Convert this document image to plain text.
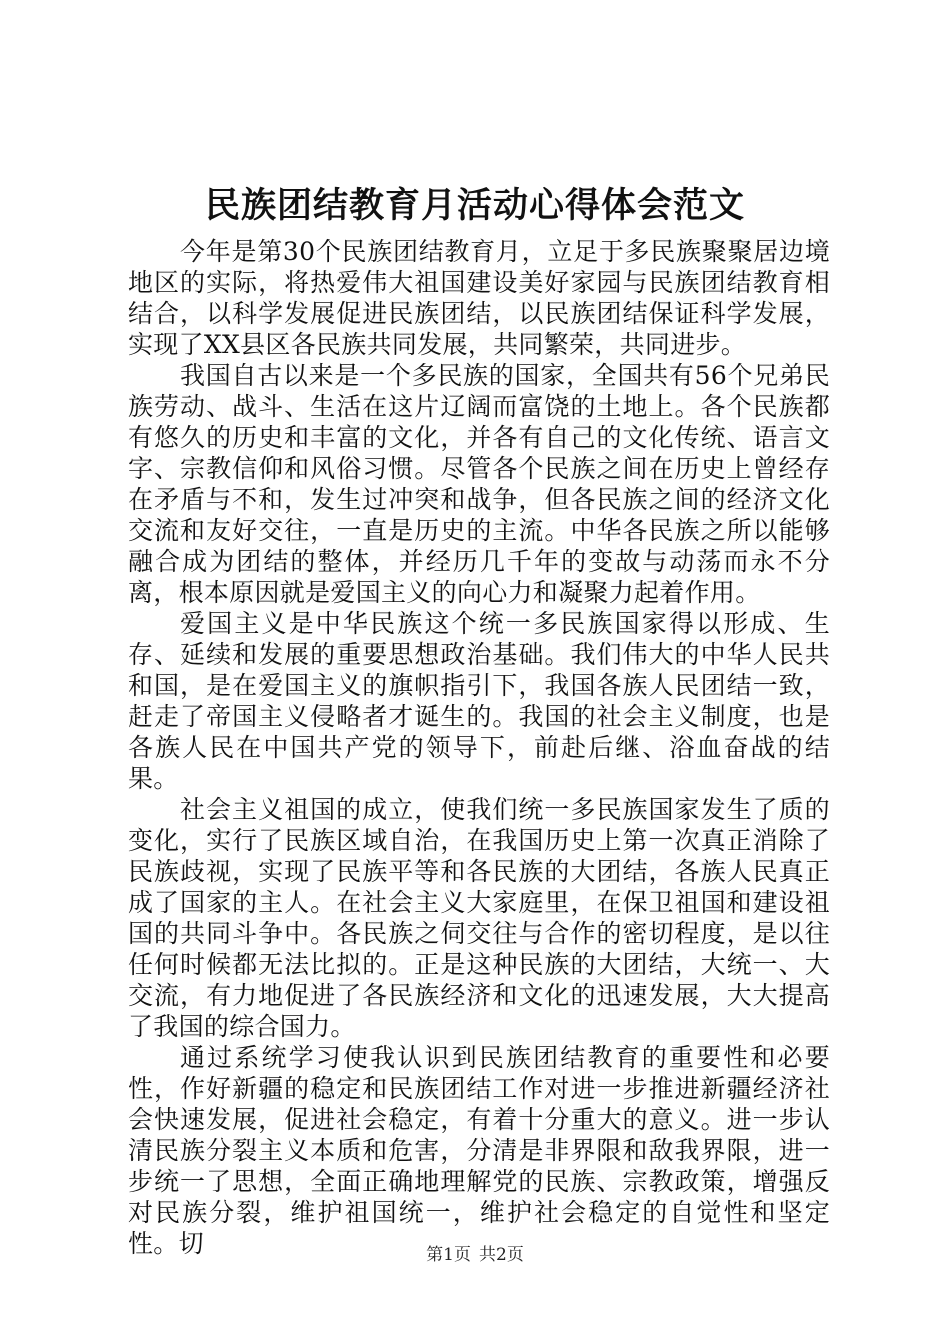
民族团结教育月活动心得体会范文

今年是第30个民族团结教育月，立足于多民族聚聚居边境地区的实际，将热爱伟大祖国建设美好家园与民族团结教育相结合，以科学发展促进民族团结，以民族团结保证科学发展，实现了XX县区各民族共同发展，共同繁荣，共同进步。

我国自古以来是一个多民族的国家，全国共有56个兄弟民族劳动、战斗、生活在这片辽阔而富饶的土地上。各个民族都有悠久的历史和丰富的文化，并各有自己的文化传统、语言文字、宗教信仰和风俗习惯。尽管各个民族之间在历史上曾经存在矛盾与不和，发生过冲突和战争，但各民族之间的经济文化交流和友好交往，一直是历史的主流。中华各民族之所以能够融合成为团结的整体，并经历几千年的变故与动荡而永不分离，根本原因就是爱国主义的向心力和凝聚力起着作用。

爱国主义是中华民族这个统一多民族国家得以形成、生存、延续和发展的重要思想政治基础。我们伟大的中华人民共和国，是在爱国主义的旗帜指引下，我国各族人民团结一致，赶走了帝国主义侵略者才诞生的。我国的社会主义制度，也是各族人民在中国共产党的领导下，前赴后继、浴血奋战的结果。

社会主义祖国的成立，使我们统一多民族国家发生了质的变化，实行了民族区域自治，在我国历史上第一次真正消除了民族歧视，实现了民族平等和各民族的大团结，各族人民真正成了国家的主人。在社会主义大家庭里，在保卫祖国和建设祖国的共同斗争中。各民族之伺交往与合作的密切程度，是以往任何时候都无法比拟的。正是这种民族的大团结，大统一、大交流，有力地促进了各民族经济和文化的迅速发展，大大提高了我国的综合国力。

通过系统学习使我认识到民族团结教育的重要性和必要性，作好新疆的稳定和民族团结工作对进一步推进新疆经济社会快速发展，促进社会稳定，有着十分重大的意义。进一步认清民族分裂主义本质和危害，分清是非界限和敌我界限，进一步统一了思想，全面正确地理解党的民族、宗教政策，增强反对民族分裂，维护祖国统一，维护社会稳定的自觉性和坚定性。切	第1页 共2页
